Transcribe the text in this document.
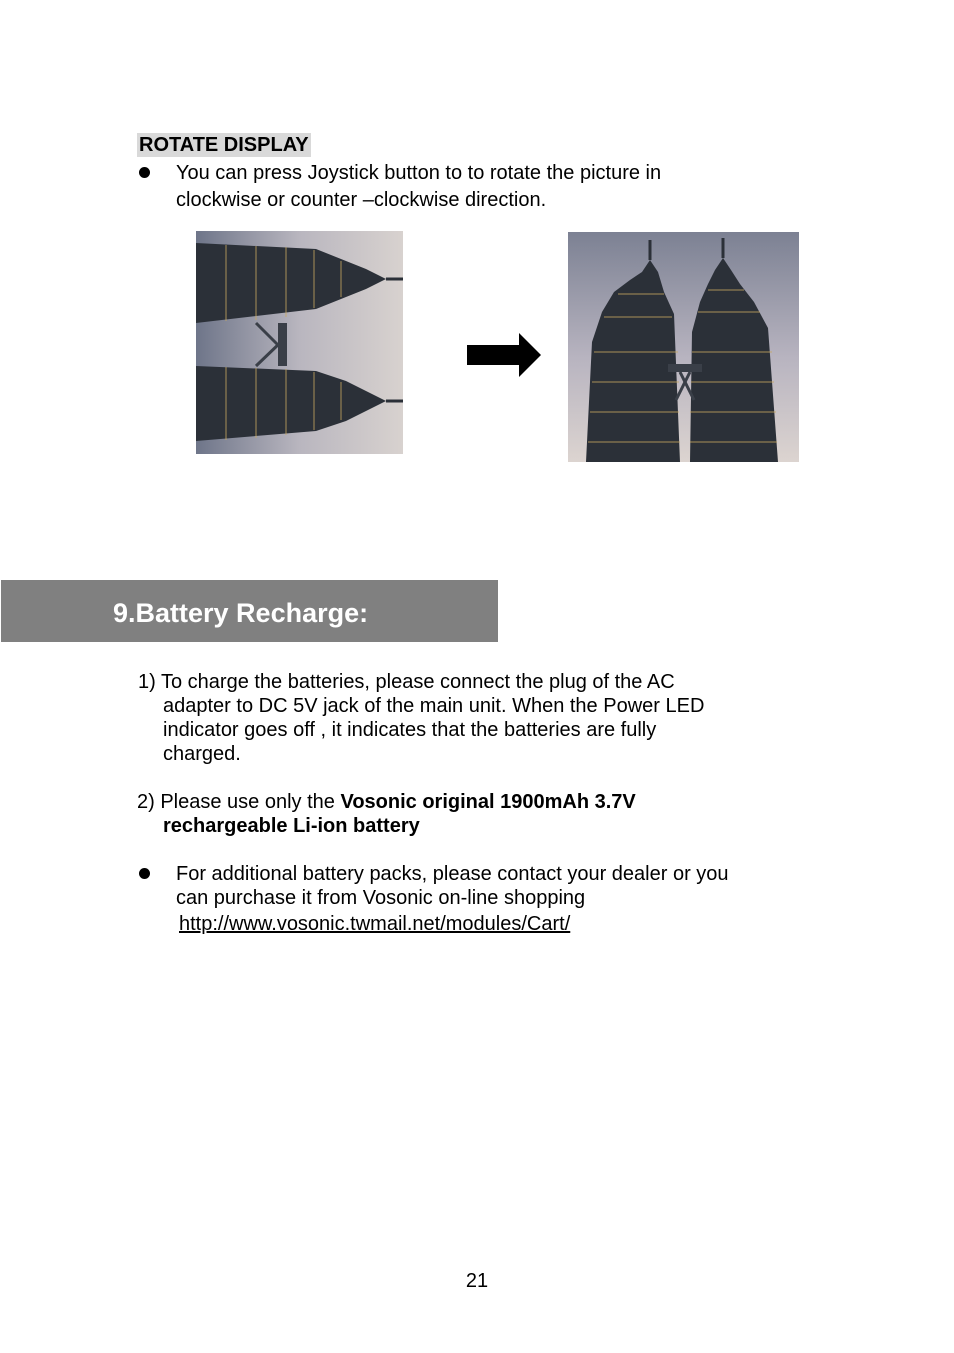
ROTATE DISPLAY
You can press Joystick button to to rotate the picture in
clockwise or counter –clockwise direction.
9.Battery Recharge:
1) To charge the batteries, please connect the plug of the AC
adapter to DC 5V jack of the main unit. When the Power LED
indicator goes off , it indicates that the batteries are fully
charged.
2) Please use only the Vosonic original 1900mAh 3.7V
rechargeable Li-ion battery
For additional battery packs, please contact your dealer or you
can purchase it from Vosonic on-line shopping
http://www.vosonic.twmail.net/modules/Cart/
21
